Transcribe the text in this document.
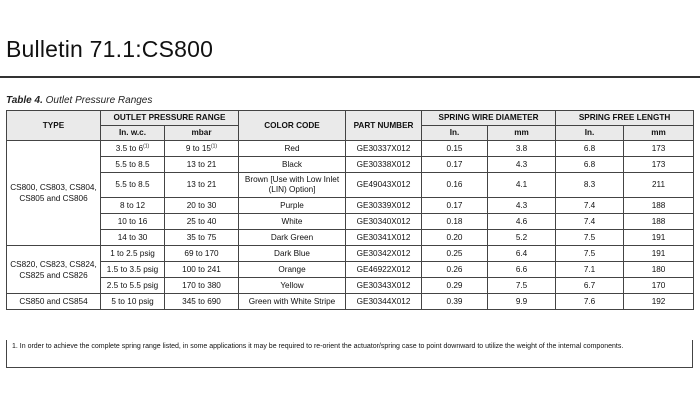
Bulletin 71.1:CS800
Table 4. Outlet Pressure Ranges
TYPE	OUTLET PRESSURE RANGE		COLOR CODE	PART NUMBER	SPRING WIRE DIAMETER		SPRING FREE LENGTH	
	In. w.c.	mbar			In.	mm	In.	mm
CS800, CS803, CS804, CS805 and CS806	3.5 to 6$^{(1)}$	9 to 15$^{(1)}$	Red	GE30337X012	0.15	3.8	6.8	173
	5.5 to 8.5	13 to 21	Black	GE30338X012	0.17	4.3	6.8	173
	5.5 to 8.5	13 to 21	Brown [Use with Low Inlet (LIN) Option]	GE49043X012	0.16	4.1	8.3	211
	8 to 12	20 to 30	Purple	GE30339X012	0.17	4.3	7.4	188
	10 to 16	25 to 40	White	GE30340X012	0.18	4.6	7.4	188
	14 to 30	35 to 75	Dark Green	GE30341X012	0.20	5.2	7.5	191
CS820, CS823, CS824, CS825 and CS826	1 to 2.5 psig	69 to 170	Dark Blue	GE30342X012	0.25	6.4	7.5	191
	1.5 to 3.5 psig	100 to 241	Orange	GE46922X012	0.26	6.6	7.1	180
	2.5 to 5.5 psig	170 to 380	Yellow	GE30343X012	0.29	7.5	6.7	170
CS850 and CS854	5 to 10 psig	345 to 690	Green with White Stripe	GE30344X012	0.39	9.9	7.6	192
1. In order to achieve the complete spring range listed, in some applications it may be required to re-orient the actuator/spring case to point downward to utilize the weight of the internal components.
